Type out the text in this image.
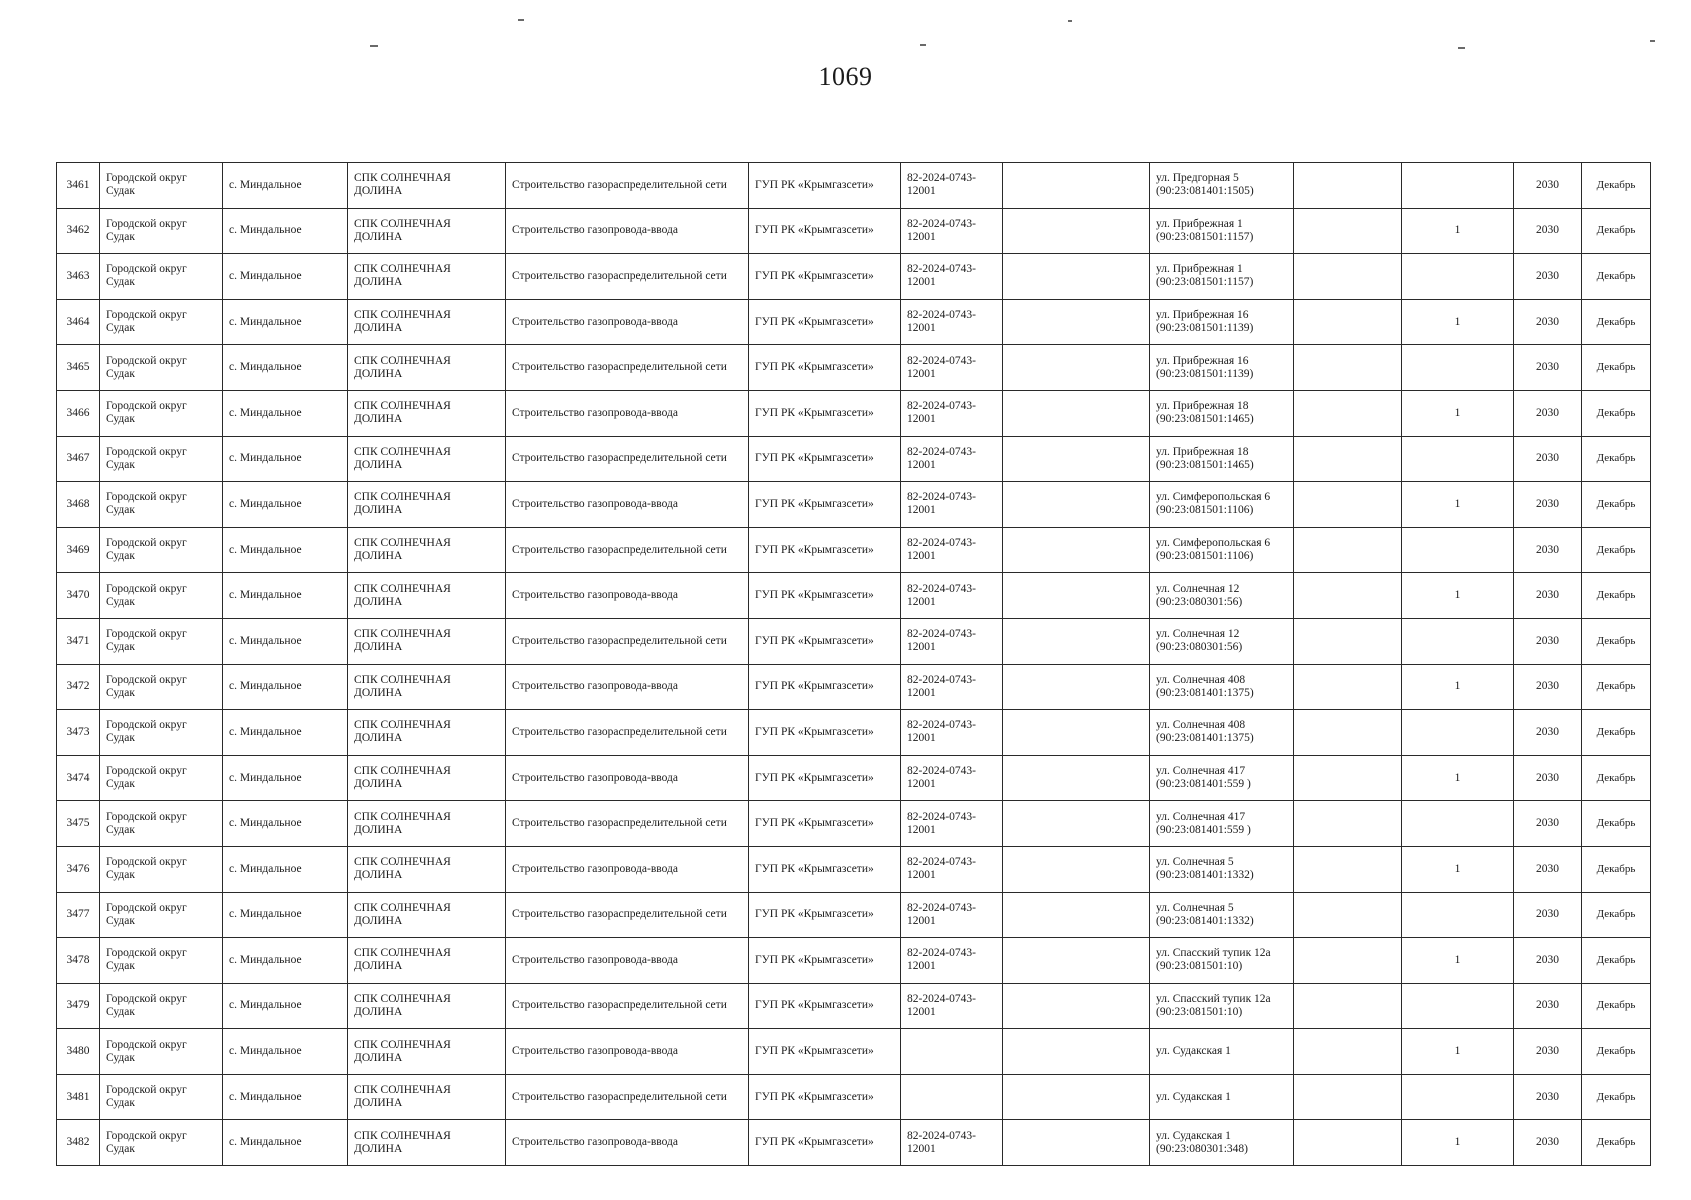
1069
3461	Городской округ Судак	с. Миндальное	СПК СОЛНЕЧНАЯ ДОЛИНА	Строительство газораспределительной сети	ГУП РК «Крымгазсети»	82-2024-0743-12001		ул. Предгорная 5 (90:23:081401:1505)			2030	Декабрь
3462	Городской округ Судак	с. Миндальное	СПК СОЛНЕЧНАЯ ДОЛИНА	Строительство газопровода-ввода	ГУП РК «Крымгазсети»	82-2024-0743-12001		ул. Прибрежная 1 (90:23:081501:1157)		1	2030	Декабрь
3463	Городской округ Судак	с. Миндальное	СПК СОЛНЕЧНАЯ ДОЛИНА	Строительство газораспределительной сети	ГУП РК «Крымгазсети»	82-2024-0743-12001		ул. Прибрежная 1 (90:23:081501:1157)			2030	Декабрь
3464	Городской округ Судак	с. Миндальное	СПК СОЛНЕЧНАЯ ДОЛИНА	Строительство газопровода-ввода	ГУП РК «Крымгазсети»	82-2024-0743-12001		ул. Прибрежная 16 (90:23:081501:1139)		1	2030	Декабрь
3465	Городской округ Судак	с. Миндальное	СПК СОЛНЕЧНАЯ ДОЛИНА	Строительство газораспределительной сети	ГУП РК «Крымгазсети»	82-2024-0743-12001		ул. Прибрежная 16 (90:23:081501:1139)			2030	Декабрь
3466	Городской округ Судак	с. Миндальное	СПК СОЛНЕЧНАЯ ДОЛИНА	Строительство газопровода-ввода	ГУП РК «Крымгазсети»	82-2024-0743-12001		ул. Прибрежная 18 (90:23:081501:1465)		1	2030	Декабрь
3467	Городской округ Судак	с. Миндальное	СПК СОЛНЕЧНАЯ ДОЛИНА	Строительство газораспределительной сети	ГУП РК «Крымгазсети»	82-2024-0743-12001		ул. Прибрежная 18 (90:23:081501:1465)			2030	Декабрь
3468	Городской округ Судак	с. Миндальное	СПК СОЛНЕЧНАЯ ДОЛИНА	Строительство газопровода-ввода	ГУП РК «Крымгазсети»	82-2024-0743-12001		ул. Симферопольская 6 (90:23:081501:1106)		1	2030	Декабрь
3469	Городской округ Судак	с. Миндальное	СПК СОЛНЕЧНАЯ ДОЛИНА	Строительство газораспределительной сети	ГУП РК «Крымгазсети»	82-2024-0743-12001		ул. Симферопольская 6 (90:23:081501:1106)			2030	Декабрь
3470	Городской округ Судак	с. Миндальное	СПК СОЛНЕЧНАЯ ДОЛИНА	Строительство газопровода-ввода	ГУП РК «Крымгазсети»	82-2024-0743-12001		ул. Солнечная 12 (90:23:080301:56)		1	2030	Декабрь
3471	Городской округ Судак	с. Миндальное	СПК СОЛНЕЧНАЯ ДОЛИНА	Строительство газораспределительной сети	ГУП РК «Крымгазсети»	82-2024-0743-12001		ул. Солнечная 12 (90:23:080301:56)			2030	Декабрь
3472	Городской округ Судак	с. Миндальное	СПК СОЛНЕЧНАЯ ДОЛИНА	Строительство газопровода-ввода	ГУП РК «Крымгазсети»	82-2024-0743-12001		ул. Солнечная 408 (90:23:081401:1375)		1	2030	Декабрь
3473	Городской округ Судак	с. Миндальное	СПК СОЛНЕЧНАЯ ДОЛИНА	Строительство газораспределительной сети	ГУП РК «Крымгазсети»	82-2024-0743-12001		ул. Солнечная 408 (90:23:081401:1375)			2030	Декабрь
3474	Городской округ Судак	с. Миндальное	СПК СОЛНЕЧНАЯ ДОЛИНА	Строительство газопровода-ввода	ГУП РК «Крымгазсети»	82-2024-0743-12001		ул. Солнечная 417 (90:23:081401:559 )		1	2030	Декабрь
3475	Городской округ Судак	с. Миндальное	СПК СОЛНЕЧНАЯ ДОЛИНА	Строительство газораспределительной сети	ГУП РК «Крымгазсети»	82-2024-0743-12001		ул. Солнечная 417 (90:23:081401:559 )			2030	Декабрь
3476	Городской округ Судак	с. Миндальное	СПК СОЛНЕЧНАЯ ДОЛИНА	Строительство газопровода-ввода	ГУП РК «Крымгазсети»	82-2024-0743-12001		ул. Солнечная 5 (90:23:081401:1332)		1	2030	Декабрь
3477	Городской округ Судак	с. Миндальное	СПК СОЛНЕЧНАЯ ДОЛИНА	Строительство газораспределительной сети	ГУП РК «Крымгазсети»	82-2024-0743-12001		ул. Солнечная 5 (90:23:081401:1332)			2030	Декабрь
3478	Городской округ Судак	с. Миндальное	СПК СОЛНЕЧНАЯ ДОЛИНА	Строительство газопровода-ввода	ГУП РК «Крымгазсети»	82-2024-0743-12001		ул. Спасский тупик 12а (90:23:081501:10)		1	2030	Декабрь
3479	Городской округ Судак	с. Миндальное	СПК СОЛНЕЧНАЯ ДОЛИНА	Строительство газораспределительной сети	ГУП РК «Крымгазсети»	82-2024-0743-12001		ул. Спасский тупик 12а (90:23:081501:10)			2030	Декабрь
3480	Городской округ Судак	с. Миндальное	СПК СОЛНЕЧНАЯ ДОЛИНА	Строительство газопровода-ввода	ГУП РК «Крымгазсети»			ул. Судакская 1		1	2030	Декабрь
3481	Городской округ Судак	с. Миндальное	СПК СОЛНЕЧНАЯ ДОЛИНА	Строительство газораспределительной сети	ГУП РК «Крымгазсети»			ул. Судакская 1			2030	Декабрь
3482	Городской округ Судак	с. Миндальное	СПК СОЛНЕЧНАЯ ДОЛИНА	Строительство газопровода-ввода	ГУП РК «Крымгазсети»	82-2024-0743-12001		ул. Судакская 1 (90:23:080301:348)		1	2030	Декабрь
